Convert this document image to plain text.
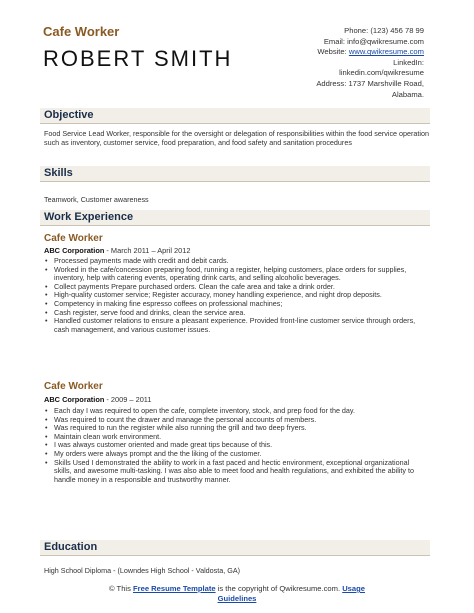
Cafe Worker
ROBERT SMITH
Phone: (123) 456 78 99
Email: info@qwikresume.com
Website: www.qwikresume.com
LinkedIn:
linkedin.com/qwikresume
Address: 1737 Marshville Road,
Alabama.
Objective
Food Service Lead Worker, responsible for the oversight or delegation of responsibilities within the food service operation such as inventory, customer service, food preparation, and food safety and sanitation procedures
Skills
Teamwork, Customer awareness
Work Experience
Cafe Worker
ABC Corporation - March 2011 – April 2012
• Processed payments made with credit and debit cards.
• Worked in the cafe/concession preparing food, running a register, helping customers, place orders for supplies, inventory, help with catering events, operating drink carts, and selling alcoholic beverages.
• Collect payments Prepare purchased orders. Clean the cafe area and take a drink order.
• High-quality customer service; Register accuracy, money handling experience, and night drop deposits.
• Competency in making fine espresso coffees on professional machines;
• Cash register, serve food and drinks, clean the service area.
• Handled customer relations to ensure a pleasant experience. Provided front-line customer service through orders, cash management, and various customer issues.
Cafe Worker
ABC Corporation - 2009 – 2011
• Each day I was required to open the cafe, complete inventory, stock, and prep food for the day.
• Was required to count the drawer and manage the personal accounts of members.
• Was required to run the register while also running the grill and two deep fryers.
• Maintain clean work environment.
• I was always customer oriented and made great tips because of this.
• My orders were always prompt and the the liking of the customer.
• Skills Used I demonstrated the ability to work in a fast paced and hectic environment, exceptional organizational skills, and awesome multi-tasking. I was also able to meet food and health regulations, and exhibited the ability to handle money in a responsible and trustworthy manner.
Education
High School Diploma - (Lowndes High School - Valdosta, GA)
© This Free Resume Template is the copyright of Qwikresume.com. Usage
Guidelines
